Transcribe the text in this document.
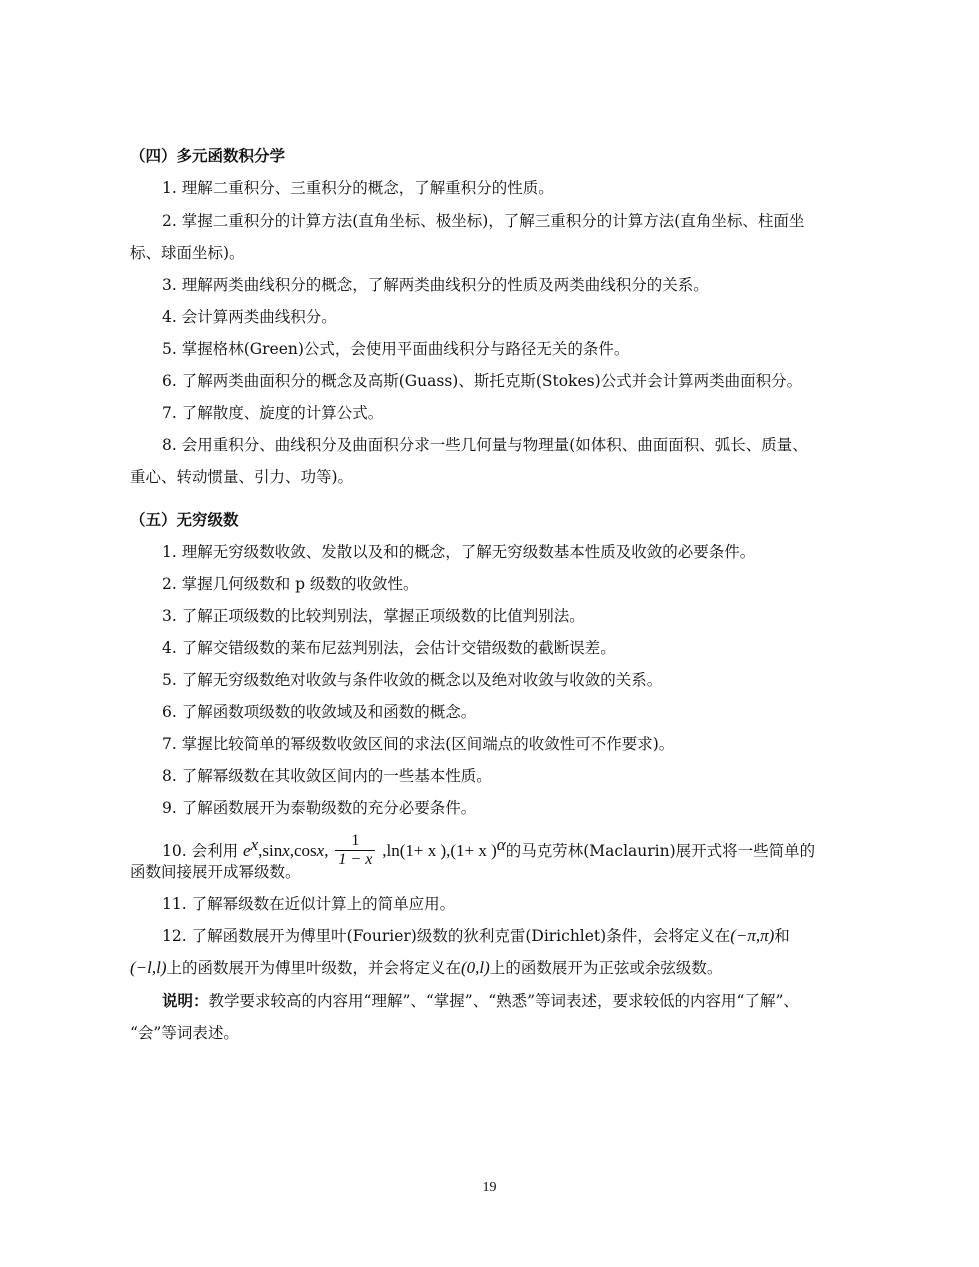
（四）多元函数积分学
1. 理解二重积分、三重积分的概念，了解重积分的性质。
2. 掌握二重积分的计算方法(直角坐标、极坐标)，了解三重积分的计算方法(直角坐标、柱面坐
标、球面坐标)。
3. 理解两类曲线积分的概念，了解两类曲线积分的性质及两类曲线积分的关系。
4. 会计算两类曲线积分。
5. 掌握格林(Green)公式，会使用平面曲线积分与路径无关的条件。
6. 了解两类曲面积分的概念及高斯(Guass)、斯托克斯(Stokes)公式并会计算两类曲面积分。
7. 了解散度、旋度的计算公式。
8. 会用重积分、曲线积分及曲面积分求一些几何量与物理量(如体积、曲面面积、弧长、质量、
重心、转动惯量、引力、功等)。
（五）无穷级数
1. 理解无穷级数收敛、发散以及和的概念，了解无穷级数基本性质及收敛的必要条件。
2. 掌握几何级数和 p 级数的收敛性。
3. 了解正项级数的比较判别法，掌握正项级数的比值判别法。
4. 了解交错级数的莱布尼兹判别法，会估计交错级数的截断误差。
5. 了解无穷级数绝对收敛与条件收敛的概念以及绝对收敛与收敛的关系。
6. 了解函数项级数的收敛域及和函数的概念。
7. 掌握比较简单的幂级数收敛区间的求法(区间端点的收敛性可不作要求)。
8. 了解幂级数在其收敛区间内的一些基本性质。
9. 了解函数展开为泰勒级数的充分必要条件。
10. 会利用 $e^x,\sin x,\cos x$, $\frac{1}{1 - x} ,\ln(1+ x$ ),(1+ x )$^\alpha$的马克劳林(Maclaurin)展开式将一些简单的
函数间接展开成幂级数。
11. 了解幂级数在近似计算上的简单应用。
12. 了解函数展开为傅里叶(Fourier)级数的狄利克雷(Dirichlet)条件，会将定义在(−π,π)和
(−l,l)上的函数展开为傅里叶级数，并会将定义在(0,l)上的函数展开为正弦或余弦级数。
说明：教学要求较高的内容用“理解”、“掌握”、“熟悉”等词表述，要求较低的内容用“了解”、
“会”等词表述。
19
